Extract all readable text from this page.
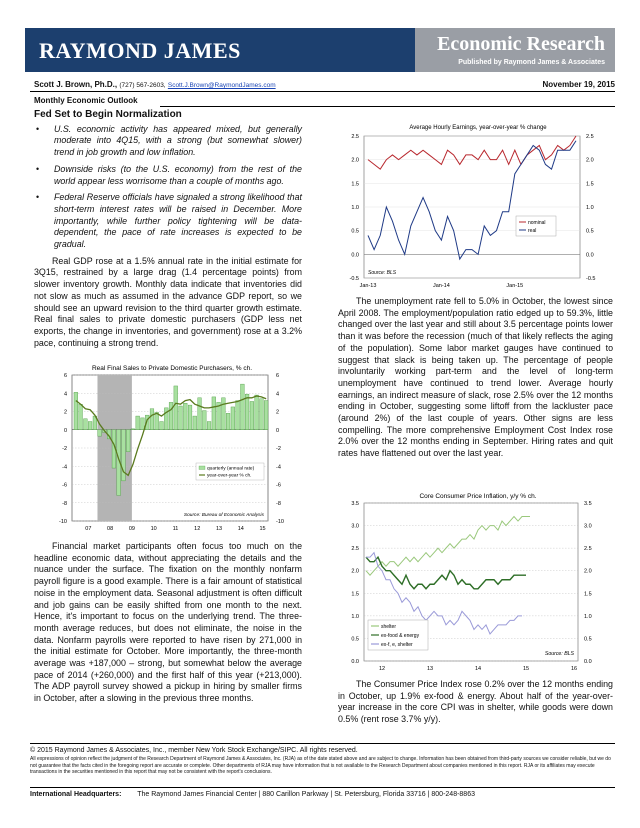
RAYMOND JAMES	Economic Research
Published by Raymond James & Associates
Scott J. Brown, Ph.D., (727) 567-2603, Scott.J.Brown@RaymondJames.com	November 19, 2015
Monthly Economic Outlook

Fed Set to Begin Normalization

• U.S. economic activity has appeared mixed, but generally moderate into 4Q15, with a strong (but somewhat slower) trend in job growth and low inflation.

• Downside risks (to the U.S. economy) from the rest of the world appear less worrisome than a couple of months ago.

• Federal Reserve officials have signaled a strong likelihood that short-term interest rates will be raised in December. More importantly, while further policy tightening will be data-dependent, the pace of rate increases is expected to be gradual.

Real GDP rose at a 1.5% annual rate in the initial estimate for 3Q15, restrained by a large drag (1.4 percentage points) from slower inventory growth. Monthly data indicate that inventories did not slow as much as assumed in the advance GDP report, so we should see an upward revision to the third quarter growth estimate. Real final sales to private domestic purchasers (GDP less net exports, the change in inventories, and government) rose at a 3.2% pace, continuing a strong trend.

Real Final Sales to Private Domestic Purchasers, % ch.
6	6
4	4
2	2
0	0
-2	-2
-4	-4
-6	-6
-8	-8
-10	-10
07	08	09	10	11	12	13	14	15
quarterly (annual rate)
year-over-year % ch.
Source: Bureau of Economic Analysis

Financial market participants often focus too much on the headline economic data, without appreciating the details and the nuance under the surface. The fixation on the monthly nonfarm payroll figure is a good example. There is a fair amount of statistical noise in the employment data. Seasonal adjustment is often difficult and job gains can be easily shifted from one month to the next. Hence, it's important to focus on the underlying trend. The three-month average reduces, but does not eliminate, the noise in the data. Nonfarm payrolls were reported to have risen by 271,000 in the initial estimate for October. More importantly, the three-month average was +187,000 – strong, but somewhat below the average pace of 2014 (+260,000) and the first half of this year (+213,000). The ADP payroll survey showed a pickup in hiring by smaller firms in October, after a slowing in the previous three months.

Average Hourly Earnings, year-over-year % change
2.5	2.5
2.0	2.0
1.5	1.5
1.0	1.0
0.5	0.5
0.0	0.0
-0.5	-0.5
Jan-13	Jan-14	Jan-15
nominal
real
Source: BLS

The unemployment rate fell to 5.0% in October, the lowest since April 2008. The employment/population ratio edged up to 59.3%, little changed over the last year and still about 3.5 percentage points lower than it was before the recession (much of that likely reflects the aging of the population). Some labor market gauges have continued to suggest that slack is being taken up. The percentage of people involuntarily working part-term and the level of long-term unemployment have continued to trend lower. Average hourly earnings, an indirect measure of slack, rose 2.5% over the 12 months ending in October, suggesting some liftoff from the lackluster pace (around 2%) of the last couple of years. Other signs are less compelling. The more comprehensive Employment Cost Index rose 2.0% over the 12 months ending in September. Hiring rates and quit rates have flattened out over the last year.

Core Consumer Price Inflation, y/y % ch.
3.5	3.5
3.0	3.0
2.5	2.5
2.0	2.0
1.5	1.5
1.0	1.0
0.5	0.5
0.0	0.0
12	13	14	15	16
shelter
ex-food & energy
ex-f, e, shelter
Source: BLS

The Consumer Price Index rose 0.2% over the 12 months ending in October, up 1.9% ex-food & energy. About half of the year-over-year increase in the core CPI was in shelter, while goods were down 0.5% (rent rose 3.7% y/y).

© 2015 Raymond James & Associates, Inc., member New York Stock Exchange/SIPC. All rights reserved.
All expressions of opinion reflect the judgment of the Research Department of Raymond James & Associates, Inc. (RJA) as of the date stated above and are subject to change. Information has been obtained from third-party sources we consider reliable, but we do not guarantee that the facts cited in the foregoing report are accurate or complete. Other departments of RJA may have information that is not available to the Research Department about companies mentioned in this report. RJA or its affiliates may execute transactions in the securities mentioned in this report that may not be consistent with the report's conclusions.
International Headquarters: The Raymond James Financial Center | 880 Carillon Parkway | St. Petersburg, Florida 33716 | 800-248-8863
